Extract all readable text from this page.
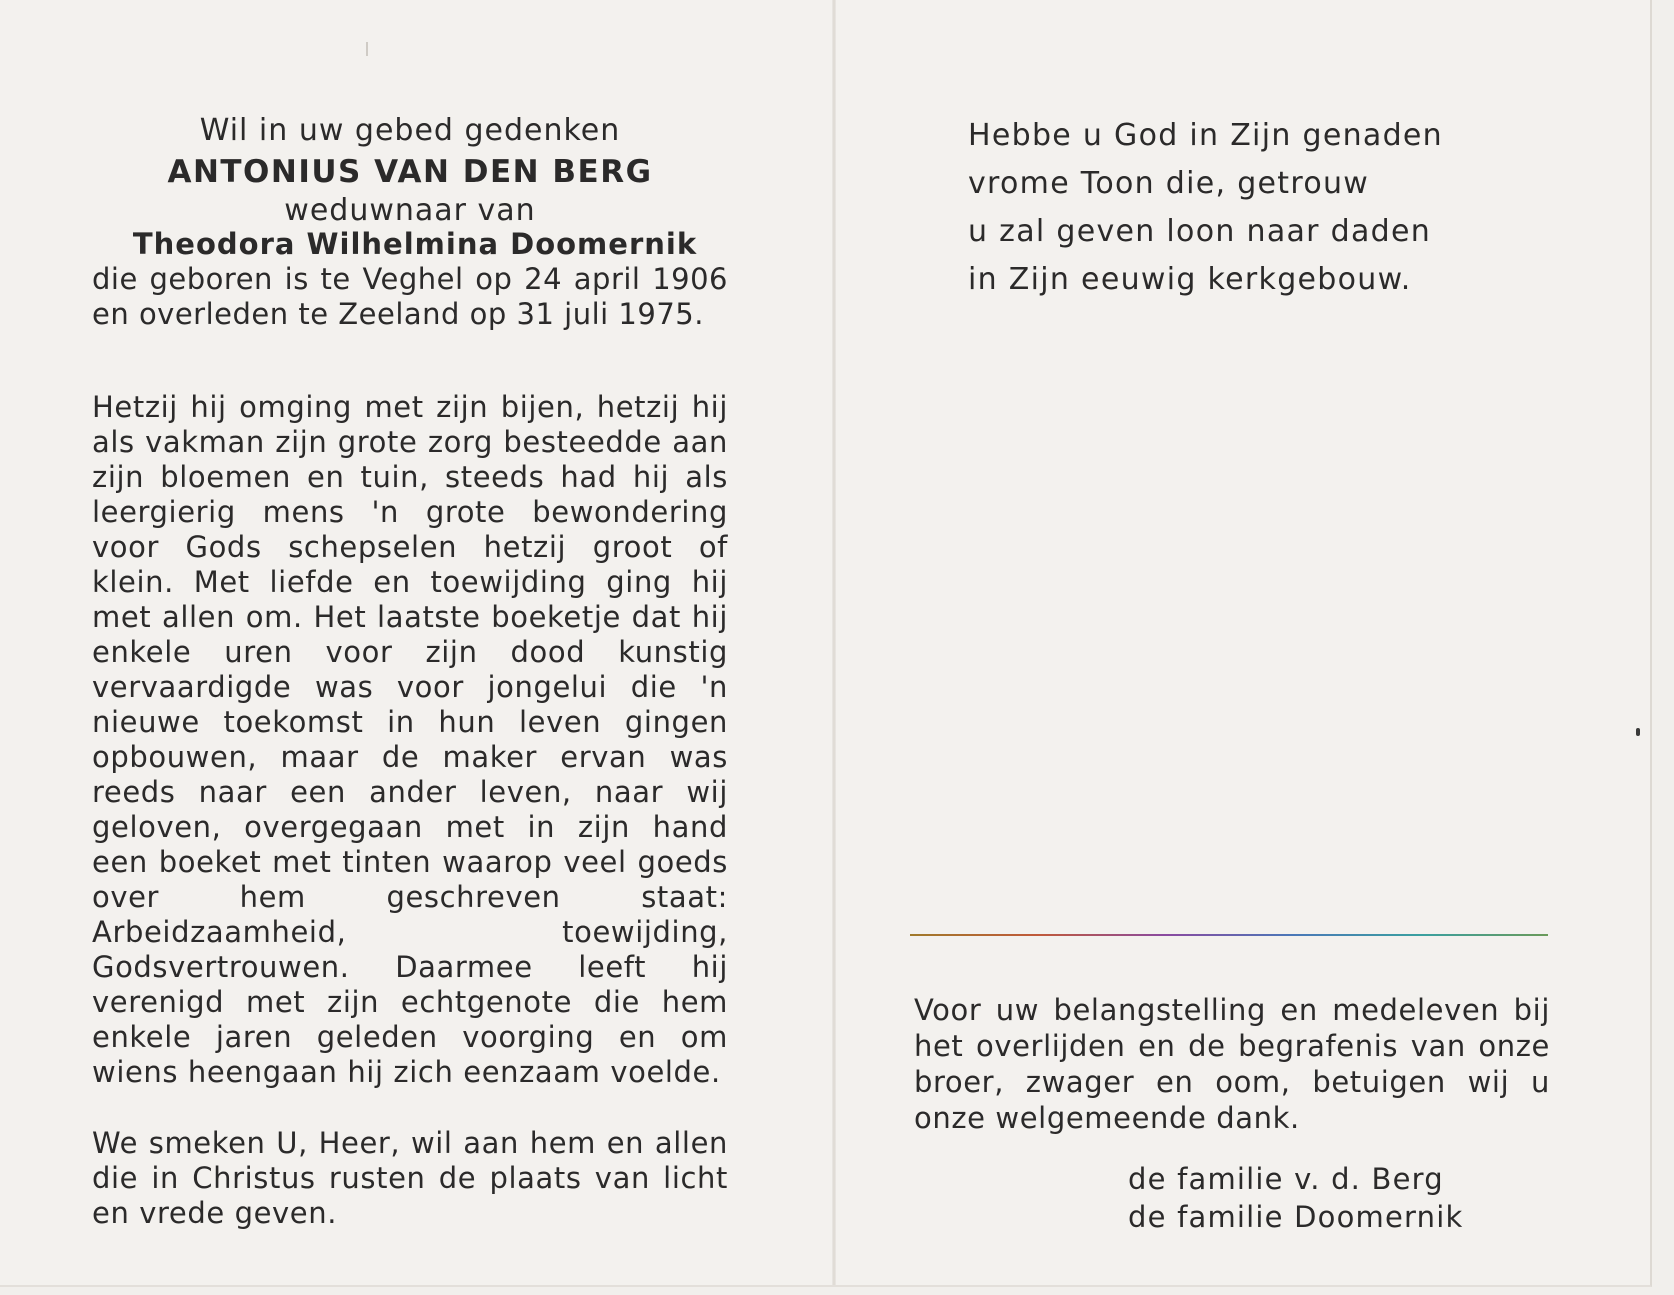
Wil in uw gebed gedenken
ANTONIUS VAN DEN BERG
weduwnaar van
Theodora Wilhelmina Doomernik
die geboren is te Veghel op 24 april 1906 en overleden te Zeeland op 31 juli 1975.
Hetzij hij omging met zijn bijen, hetzij hij als vakman zijn grote zorg besteedde aan zijn bloemen en tuin, steeds had hij als leergierig mens 'n grote bewondering voor Gods schepselen hetzij groot of klein. Met liefde en toewijding ging hij met allen om. Het laatste boeketje dat hij enkele uren voor zijn dood kunstig vervaardigde was voor jongelui die 'n nieuwe toekomst in hun leven gingen opbouwen, maar de maker ervan was reeds naar een ander leven, naar wij geloven, overgegaan met in zijn hand een boeket met tinten waarop veel goeds over hem geschreven staat: Arbeidzaamheid, toewijding, Godsvertrouwen. Daarmee leeft hij verenigd met zijn echtgenote die hem enkele jaren geleden voorging en om wiens heengaan hij zich eenzaam voelde.
We smeken U, Heer, wil aan hem en allen die in Christus rusten de plaats van licht en vrede geven.
Hebbe u God in Zijn genaden
vrome Toon die, getrouw
u zal geven loon naar daden
in Zijn eeuwig kerkgebouw.
Voor uw belangstelling en medeleven bij het overlijden en de begrafenis van onze broer, zwager en oom, betuigen wij u onze welgemeende dank.
de familie v. d. Berg
de familie Doomernik
